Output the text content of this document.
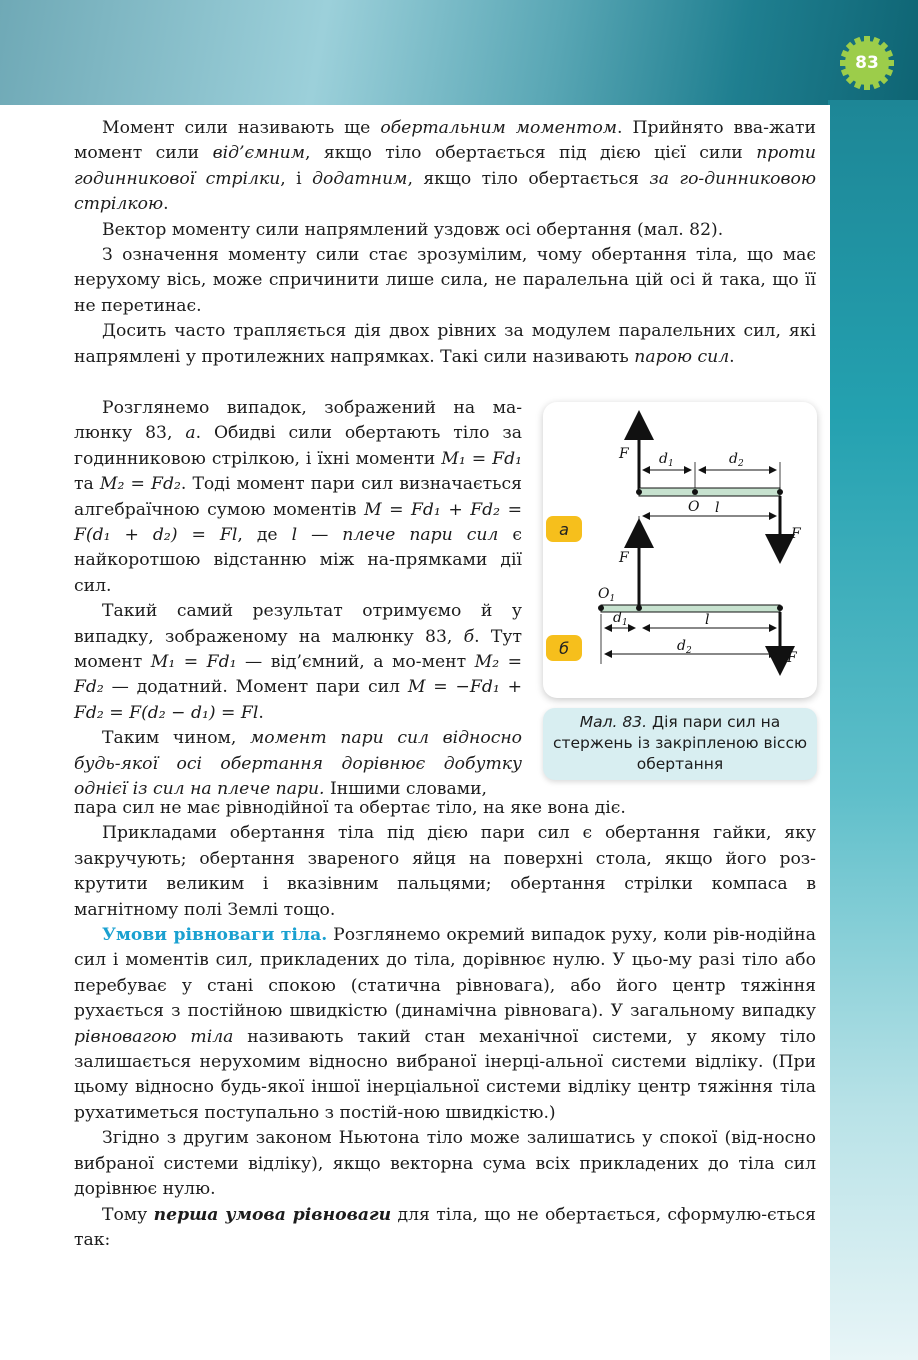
83

Момент сили називають ще обертальним моментом. Прийнято вва-жати момент сили від’ємним, якщо тіло обертається під дією цієї сили проти годинникової стрілки, і додатним, якщо тіло обертається за го-динниковою стрілкою.

Вектор моменту сили напрямлений уздовж осі обертання (мал. 82).

З означення моменту сили стає зрозумілим, чому обертання тіла, що має нерухому вісь, може спричинити лише сила, не паралельна цій осі й така, що її не перетинає.

Досить часто трапляється дія двох рівних за модулем паралельних сил, які напрямлені у протилежних напрямках. Такі сили називають парою сил.

Розглянемо випадок, зображений на ма-люнку 83, а. Обидві сили обертають тіло за годинниковою стрілкою, і їхні моменти M₁ = Fd₁ та M₂ = Fd₂. Тоді момент пари сил визначається алгебраїчною сумою моментів M = Fd₁ + Fd₂ = F(d₁ + d₂) = Fl, де l — плече пари сил є найкоротшою відстанню між на-прямками дії сил.

Такий самий результат отримуємо й у випадку, зображеному на малюнку 83, б. Тут момент M₁ = Fd₁ — від’ємний, а мо-мент M₂ = Fd₂ — додатний. Момент пари сил M = −Fd₁ + Fd₂ = F(d₂ − d₁) = Fl.

Таким чином, момент пари сил відносно будь-якої осі обертання дорівнює добутку однієї із сил на плече пари. Іншими словами,

пара сил не має рівнодійної та обертає тіло, на яке вона діє.

Прикладами обертання тіла під дією пари сил є обертання гайки, яку закручують; обертання звареного яйця на поверхні стола, якщо його роз-крутити великим і вказівним пальцями; обертання стрілки компаса в магнітному полі Землі тощо.

Умови рівноваги тіла. Розглянемо окремий випадок руху, коли рів-нодійна сил і моментів сил, прикладених до тіла, дорівнює нулю. У цьо-му разі тіло або перебуває у стані спокою (статична рівновага), або його центр тяжіння рухається з постійною швидкістю (динамічна рівновага). У загальному випадку рівновагою тіла називають такий стан механічної системи, у якому тіло залишається нерухомим відносно вибраної інерці-альної системи відліку. (При цьому відносно будь-якої іншої інерціальної системи відліку центр тяжіння тіла рухатиметься поступально з постій-ною швидкістю.)

Згідно з другим законом Ньютона тіло може залишатись у спокої (від-носно вибраної системи відліку), якщо векторна сума всіх прикладених до тіла сил дорівнює нулю.

Тому перша умова рівноваги для тіла, що не обертається, сформулю-ється так:

F
F
$d_1$	$d_2$
O l
F
$O_1$
F
$d_1$	l
$d_2$
а
б
Мал. 83. Дія пари сил на стержень із закріпленою віссю обертання
